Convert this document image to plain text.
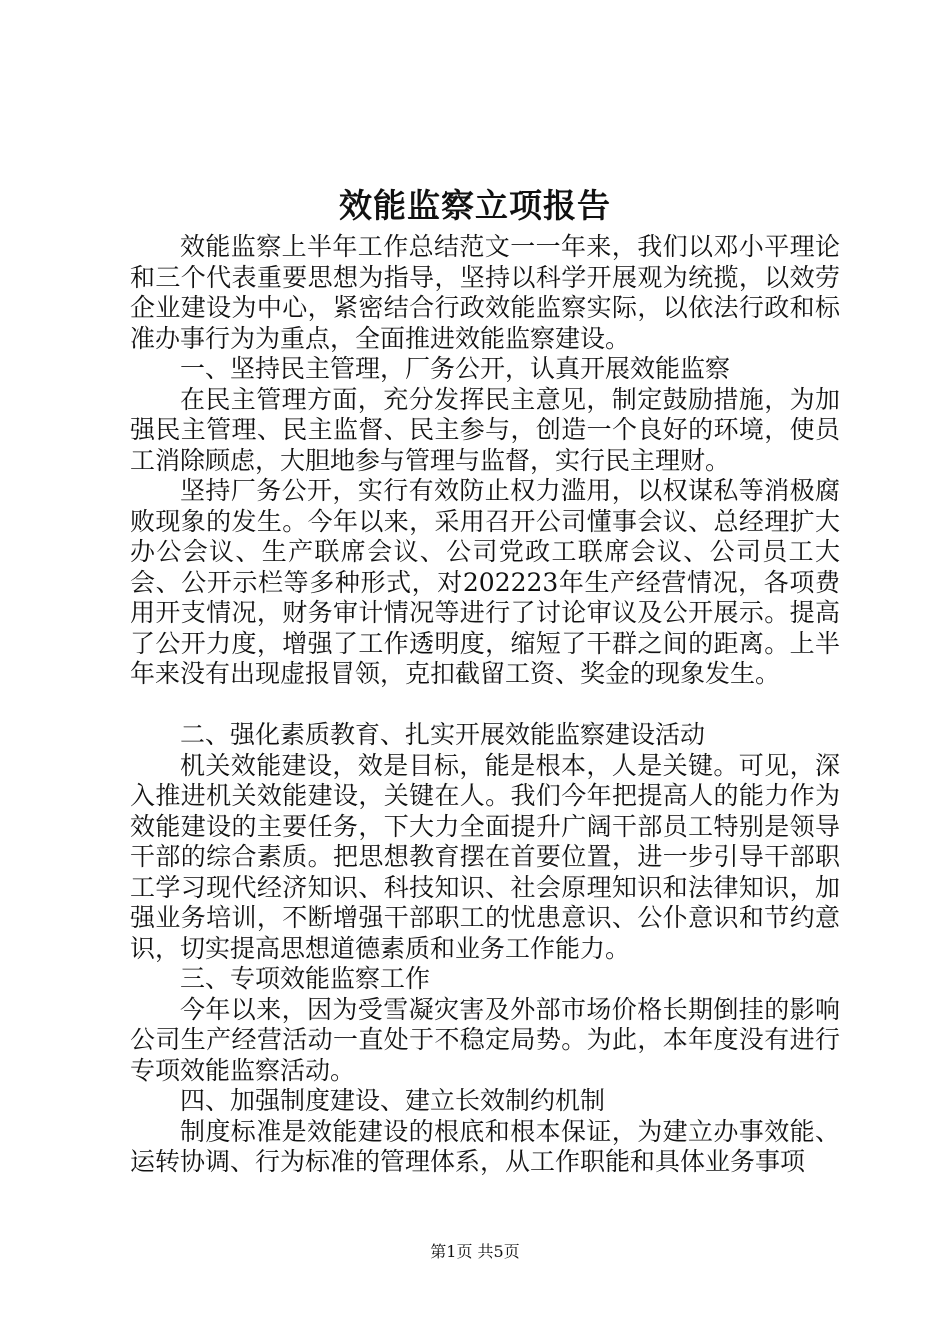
效能监察立项报告

效能监察上半年工作总结范文一一年来，我们以邓小平理论和三个代表重要思想为指导，坚持以科学开展观为统揽，以效劳企业建设为中心，紧密结合行政效能监察实际，以依法行政和标准办事行为为重点，全面推进效能监察建设。

一、坚持民主管理，厂务公开，认真开展效能监察

在民主管理方面，充分发挥民主意见，制定鼓励措施，为加强民主管理、民主监督、民主参与，创造一个良好的环境，使员工消除顾虑，大胆地参与管理与监督，实行民主理财。

坚持厂务公开，实行有效防止权力滥用，以权谋私等消极腐败现象的发生。今年以来，采用召开公司懂事会议、总经理扩大办公会议、生产联席会议、公司党政工联席会议、公司员工大会、公开示栏等多种形式，对202223年生产经营情况，各项费用开支情况，财务审计情况等进行了讨论审议及公开展示。提高了公开力度，增强了工作透明度，缩短了干群之间的距离。上半年来没有出现虚报冒领，克扣截留工资、奖金的现象发生。

二、强化素质教育、扎实开展效能监察建设活动

机关效能建设，效是目标，能是根本，人是关键。可见，深入推进机关效能建设，关键在人。我们今年把提高人的能力作为效能建设的主要任务，下大力全面提升广阔干部员工特别是领导干部的综合素质。把思想教育摆在首要位置，进一步引导干部职工学习现代经济知识、科技知识、社会原理知识和法律知识，加强业务培训，不断增强干部职工的忧患意识、公仆意识和节约意识，切实提高思想道德素质和业务工作能力。

三、专项效能监察工作

今年以来，因为受雪凝灾害及外部市场价格长期倒挂的影响公司生产经营活动一直处于不稳定局势。为此，本年度没有进行专项效能监察活动。

四、加强制度建设、建立长效制约机制

制度标准是效能建设的根底和根本保证，为建立办事效能、运转协调、行为标准的管理体系，从工作职能和具体业务事项

第1页 共5页
